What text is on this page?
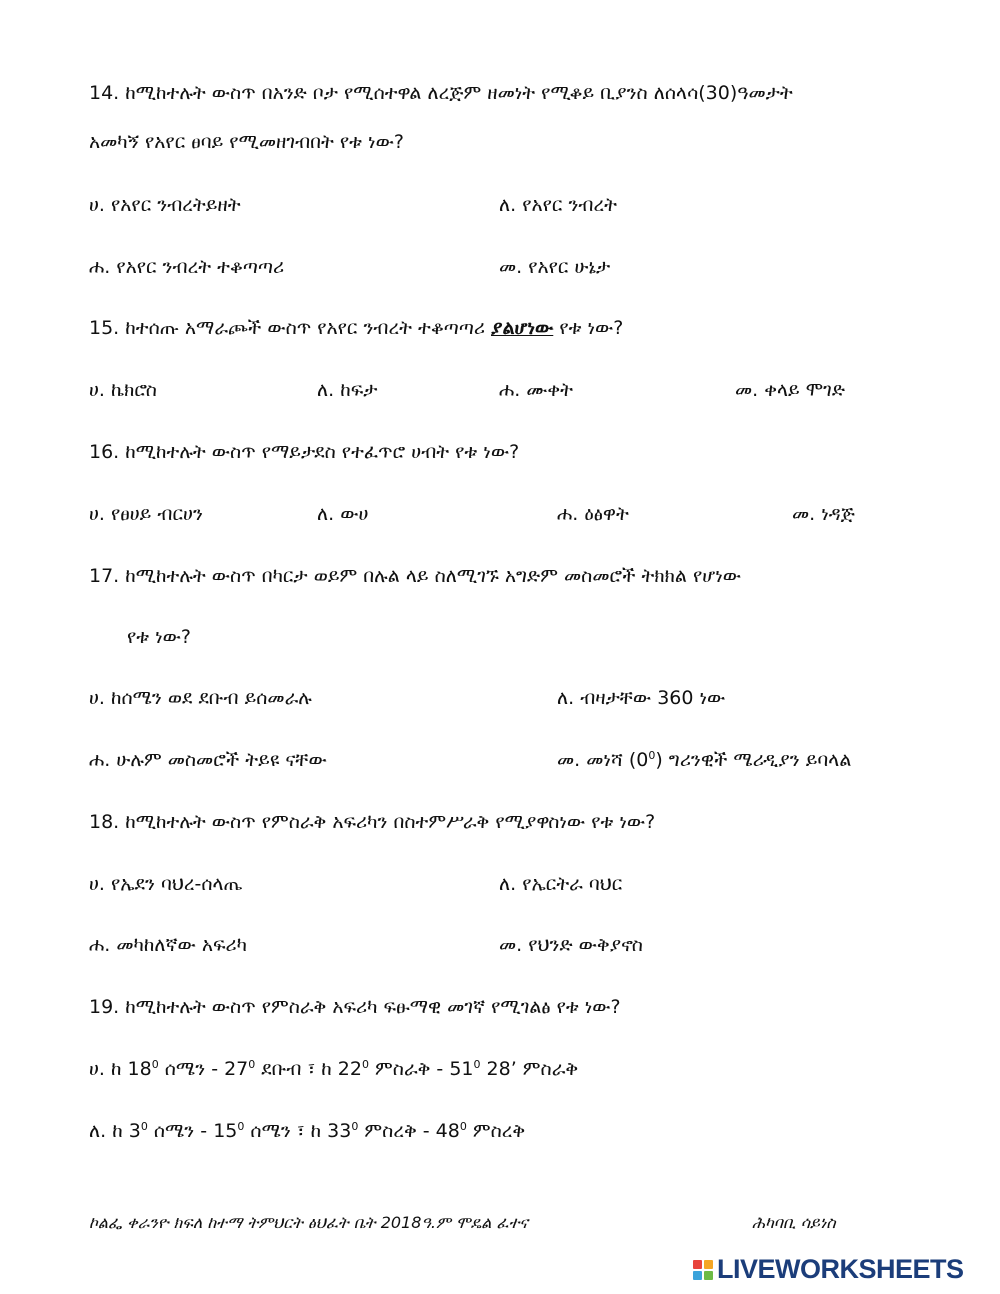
14. ከሚከተሉት ውስጥ በአንድ ቦታ የሚሰተዋል ለረጅም ዘመነት የሚቆይ ቢያንስ ለሰላሳ(30)ዓመታት
አመካኝ የአየር ፀባይ የሚመዘገብበት የቱ ነው?
ሀ. የአየር ንብረትይዘት	ለ. የአየር ንብረት
ሐ. የአየር ንብረት ተቆጣጣሪ	መ. የአየር ሁኔታ
15. ከተሰጡ አማራጮች ውስጥ የአየር ንብረት ተቆጣጣሪ ያልሆነው የቱ ነው?
ሀ. ኬክሮስ	ለ. ከፍታ	ሐ. ሙቀት	መ. ቀላይ ሞገድ
16. ከሚከተሉት ውስጥ የማይታደስ የተፈጥሮ ሀብት የቱ ነው?
ሀ. የፀሀይ ብርሀን	ለ. ውሀ	ሐ. ዕፅዋት	መ. ነዳጅ
17. ከሚከተሉት ውስጥ በካርታ ወይም በሉል ላይ ስለሚገኙ አግድም መስመሮች ትክክል የሆነው
የቱ ነው?
ሀ. ከሰሜን ወደ ደቡብ ይሰመራሉ	ለ. ብዛታቸው 360 ነው
ሐ. ሁሉም መስመሮች ትይዩ ናቸው	መ. መነሻ $(0^0)$ ግሪንዊች ሜሪዲያን ይባላል
18. ከሚከተሉት ውስጥ የምስራቅ አፍሪካን በስተምሥራቅ የሚያዋስነው የቱ ነው?
ሀ. የኤደን ባህረ-ሰላጤ	ለ. የኤርትራ ባህር
ሐ. መካከለኛው አፍሪካ	መ. የህንድ ውቅያኖስ
19. ከሚከተሉት ውስጥ የምስራቅ አፍሪካ ፍፁማዊ መገኛ የሚገልፅ የቱ ነው?
ሀ. ከ $18^0$ ሰሜን - $27^0$ ደቡብ ፣ ከ $22^0$ ምስራቅ - $51^0$ 28’ ምስራቅ
ለ. ከ $3^0$ ሰሜን - $15^0$ ሰሜን ፣ ከ $33^0$ ምስረቅ - $48^0$ ምስረቅ
ኮልፌ ቀራንዮ ክፍለ ከተማ ትምህርት ፅህፈት ቤት 2018ዓ.ም ሞዴል ፈተና	ሕካባቢ ሳይነስ
LIVEWORKSHEETS
